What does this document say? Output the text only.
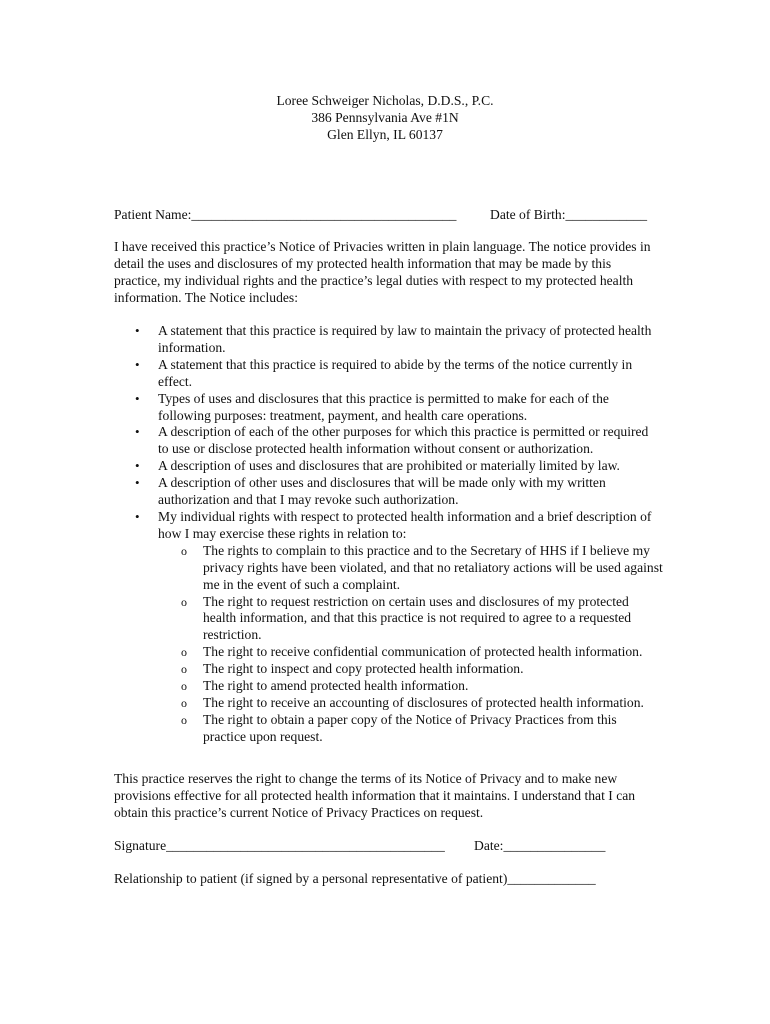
Loree Schweiger Nicholas, D.D.S., P.C.
386 Pennsylvania Ave #1N
Glen Ellyn, IL 60137
Patient Name:_______________________________________ Date of Birth:____________
I have received this practice’s Notice of Privacies written in plain language. The notice provides in detail the uses and disclosures of my protected health information that may be made by this practice, my individual rights and the practice’s legal duties with respect to my protected health information. The Notice includes:
• A statement that this practice is required by law to maintain the privacy of protected health information.
• A statement that this practice is required to abide by the terms of the notice currently in effect.
• Types of uses and disclosures that this practice is permitted to make for each of the following purposes: treatment, payment, and health care operations.
• A description of each of the other purposes for which this practice is permitted or required to use or disclose protected health information without consent or authorization.
• A description of uses and disclosures that are prohibited or materially limited by law.
• A description of other uses and disclosures that will be made only with my written authorization and that I may revoke such authorization.
• My individual rights with respect to protected health information and a brief description of how I may exercise these rights in relation to:
o The rights to complain to this practice and to the Secretary of HHS if I believe my privacy rights have been violated, and that no retaliatory actions will be used against me in the event of such a complaint.
o The right to request restriction on certain uses and disclosures of my protected health information, and that this practice is not required to agree to a requested restriction.
o The right to receive confidential communication of protected health information.
o The right to inspect and copy protected health information.
o The right to amend protected health information.
o The right to receive an accounting of disclosures of protected health information.
o The right to obtain a paper copy of the Notice of Privacy Practices from this practice upon request.
This practice reserves the right to change the terms of its Notice of Privacy and to make new provisions effective for all protected health information that it maintains. I understand that I can obtain this practice’s current Notice of Privacy Practices on request.
Signature_________________________________________ Date:_______________
Relationship to patient (if signed by a personal representative of patient)_____________
